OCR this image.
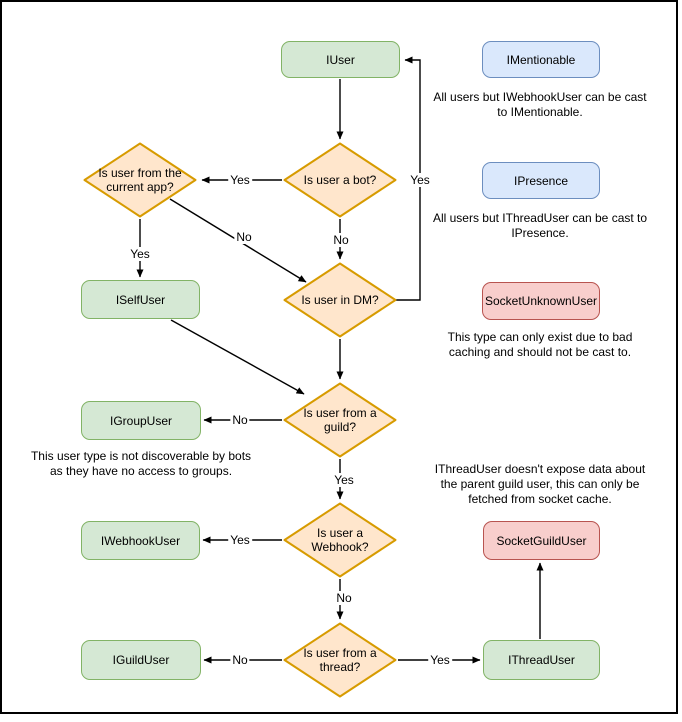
IUser	IMentionable
IPresence
SocketUnknownUser
ISelfUser
IGroupUser
IWebhookUser	SocketGuildUser
IGuildUser	IThreadUser
Is user from the current app?	Is user a bot?
Is user in DM?
Is user from a guild?
Is user a Webhook?
Is user from a thread?
Yes
No
Yes
No
Yes
No
Yes
Yes
No
No	Yes
All users but IWebhookUser can be cast to IMentionable.
All users but IThreadUser can be cast to IPresence.
This type can only exist due to bad caching and should not be cast to.
This user type is not discoverable by bots as they have no access to groups.	IThreadUser doesn't expose data about the parent guild user, this can only be fetched from socket cache.
